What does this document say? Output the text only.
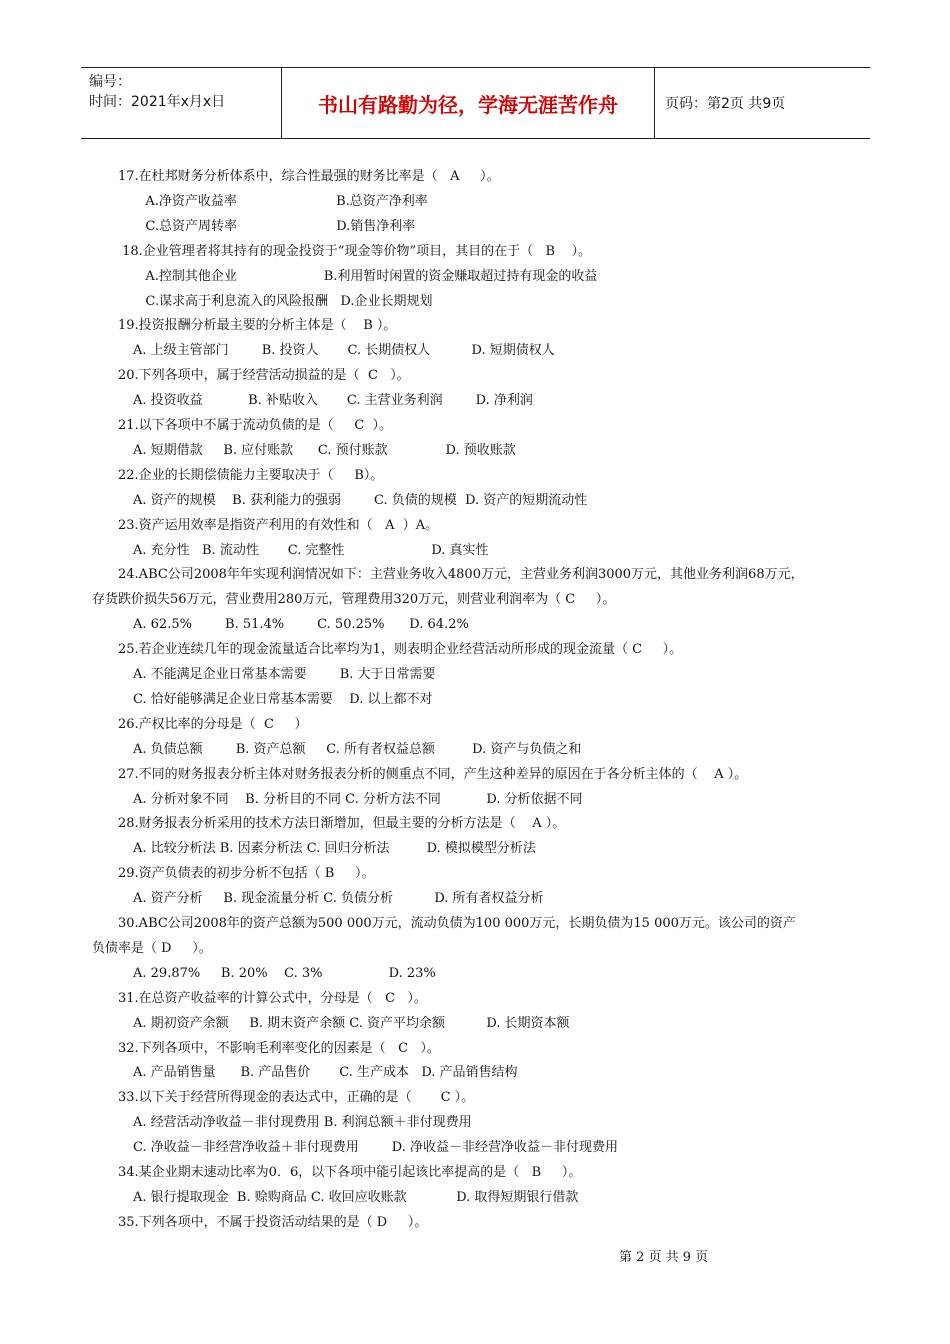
编号：
时间：2021年x月x日	书山有路勤为径，学海无涯苦作舟	页码：第2页 共9页
17.在杜邦财务分析体系中，综合性最强的财务比率是（   A     ）。
A.净资产收益率                        B.总资产净利率
C.总资产周转率                        D.销售净利率
18.企业管理者将其持有的现金投资于“现金等价物”项目，其目的在于（   B    ）。
A.控制其他企业                     B.利用暂时闲置的资金赚取超过持有现金的收益
C.谋求高于利息流入的风险报酬   D.企业长期规划
19.投资报酬分析最主要的分析主体是（    B ）。
A. 上级主管部门        B. 投资人       C. 长期债权人          D. 短期债权人
20.下列各项中，属于经营活动损益的是（  C   ）。
A. 投资收益           B. 补贴收入       C. 主营业务利润        D. 净利润
21.以下各项中不属于流动负债的是（     C  ）。
A. 短期借款     B. 应付账款      C. 预付账款              D. 预收账款
22.企业的长期偿债能力主要取决于（     B）。
A. 资产的规模    B. 获利能力的强弱        C. 负债的规模  D. 资产的短期流动性
23.资产运用效率是指资产利用的有效性和（   A  ）A。
A. 充分性   B. 流动性       C. 完整性                     D. 真实性
24.ABC公司2008年年实现利润情况如下：主营业务收入4800万元，主营业务利润3000万元，其他业务利润68万元，
存货跌价损失56万元，营业费用280万元，管理费用320万元，则营业利润率为（ C     ）。
A. 62.5%        B. 51.4%        C. 50.25%      D. 64.2%
25.若企业连续几年的现金流量适合比率均为1，则表明企业经营活动所形成的现金流量（ C     ）。
A. 不能满足企业日常基本需要        B. 大于日常需要
C. 恰好能够满足企业日常基本需要    D. 以上都不对
26.产权比率的分母是（  C     ）
A. 负债总额        B. 资产总额     C. 所有者权益总额         D. 资产与负债之和
27.不同的财务报表分析主体对财务报表分析的侧重点不同，产生这种差异的原因在于各分析主体的（    A ）。
A. 分析对象不同    B. 分析目的不同 C. 分析方法不同           D. 分析依据不同
28.财务报表分析采用的技术方法日渐增加，但最主要的分析方法是（    A ）。
A. 比较分析法 B. 因素分析法 C. 回归分析法         D. 模拟模型分析法
29.资产负债表的初步分析不包括（ B     ）。
A. 资产分析     B. 现金流量分析 C. 负债分析          D. 所有者权益分析
30.ABC公司2008年的资产总额为500 000万元，流动负债为100 000万元，长期负债为15 000万元。该公司的资产
负债率是（ D     ）。
A. 29.87%     B. 20%    C. 3%                D. 23%
31.在总资产收益率的计算公式中，分母是（   C   ）。
A. 期初资产余额     B. 期末资产余额 C. 资产平均余额          D. 长期资本额
32.下列各项中，不影响毛利率变化的因素是（   C   ）。
A. 产品销售量      B. 产品售价       C. 生产成本   D. 产品销售结构
33.以下关于经营所得现金的表达式中，正确的是（       C ）。
A. 经营活动净收益－非付现费用 B. 利润总额＋非付现费用
C. 净收益－非经营净收益＋非付现费用        D. 净收益－非经营净收益－非付现费用
34.某企业期末速动比率为0．6，以下各项中能引起该比率提高的是（   B     ）。
A. 银行提取现金  B. 赊购商品 C. 收回应收账款            D. 取得短期银行借款
35.下列各项中，不属于投资活动结果的是（ D     ）。
第 2 页 共 9 页
